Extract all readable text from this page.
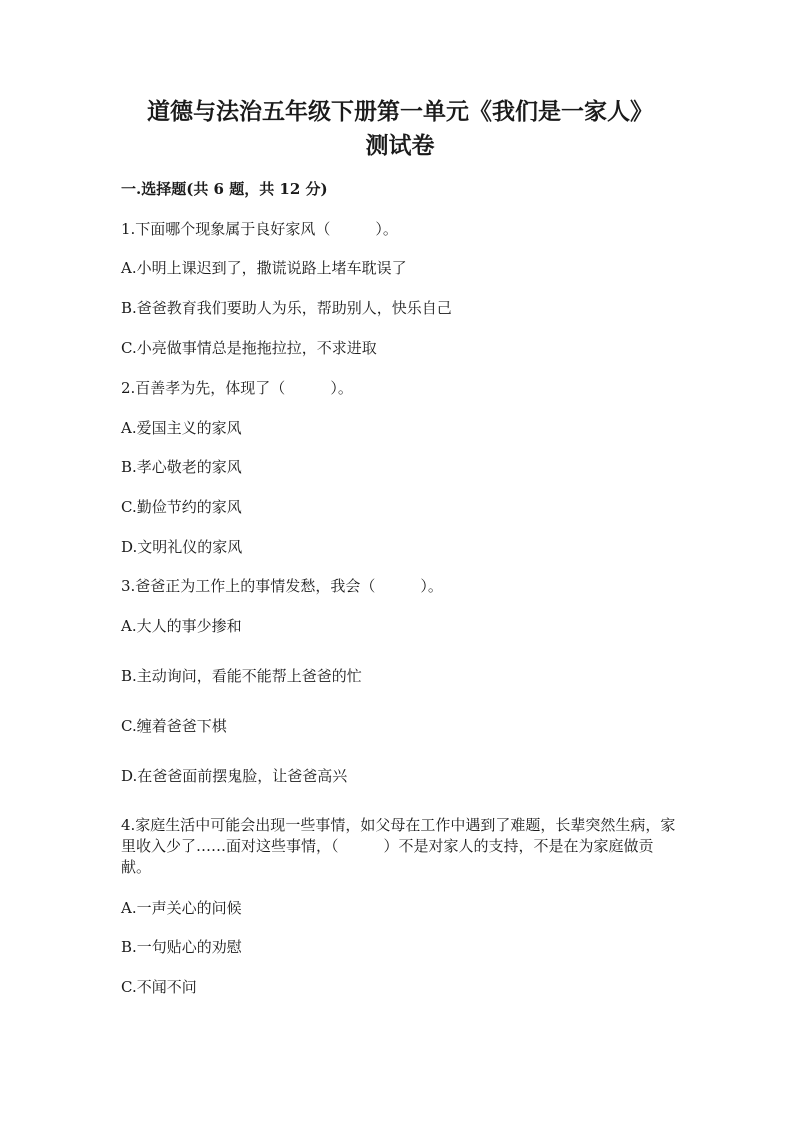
道德与法治五年级下册第一单元《我们是一家人》
测试卷
一.选择题(共 6 题，共 12 分)
1.下面哪个现象属于良好家风（　　　）。
A.小明上课迟到了，撒谎说路上堵车耽误了
B.爸爸教育我们要助人为乐，帮助别人，快乐自己
C.小亮做事情总是拖拖拉拉，不求进取
2.百善孝为先，体现了（　　　）。
A.爱国主义的家风
B.孝心敬老的家风
C.勤俭节约的家风
D.文明礼仪的家风
3.爸爸正为工作上的事情发愁，我会（　　　）。
A.大人的事少掺和
B.主动询问，看能不能帮上爸爸的忙
C.缠着爸爸下棋
D.在爸爸面前摆鬼脸，让爸爸高兴
4.家庭生活中可能会出现一些事情，如父母在工作中遇到了难题，长辈突然生病，家里收入少了……面对这些事情，（　　　）不是对家人的支持，不是在为家庭做贡献。
A.一声关心的问候
B.一句贴心的劝慰
C.不闻不问
